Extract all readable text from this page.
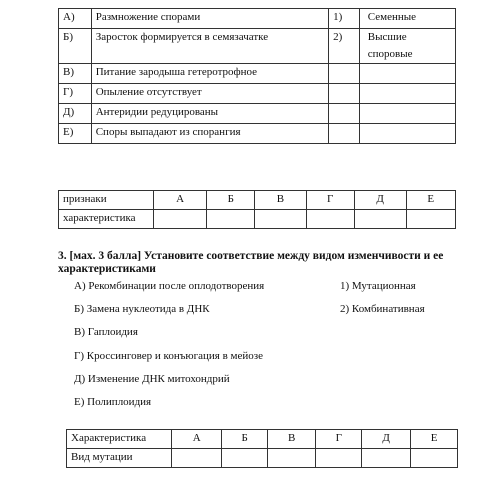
А)	Размножение спорами	1)	Семенные
Б)	Заросток формируется в семязачатке	2)	Высшие споровые
В)	Питание зародыша гетеротрофное		
Г)	Опыление отсутствует		
Д)	Антеридии редуцированы		
Е)	Споры выпадают из спорангия		
признаки	А	Б	В	Г	Д	Е
характеристика						
3. [мах. 3 балла] Установите соответствие между видом изменчивости и ее характеристиками
А) Рекомбинации после оплодотворения
Б) Замена нуклеотида в ДНК
В) Гаплоидия
Г) Кроссинговер и конъюгация в мейозе
Д) Изменение ДНК митохондрий
Е) Полиплоидия
1) Мутационная
2) Комбинативная
Характеристика	А	Б	В	Г	Д	Е
Вид мутации						
